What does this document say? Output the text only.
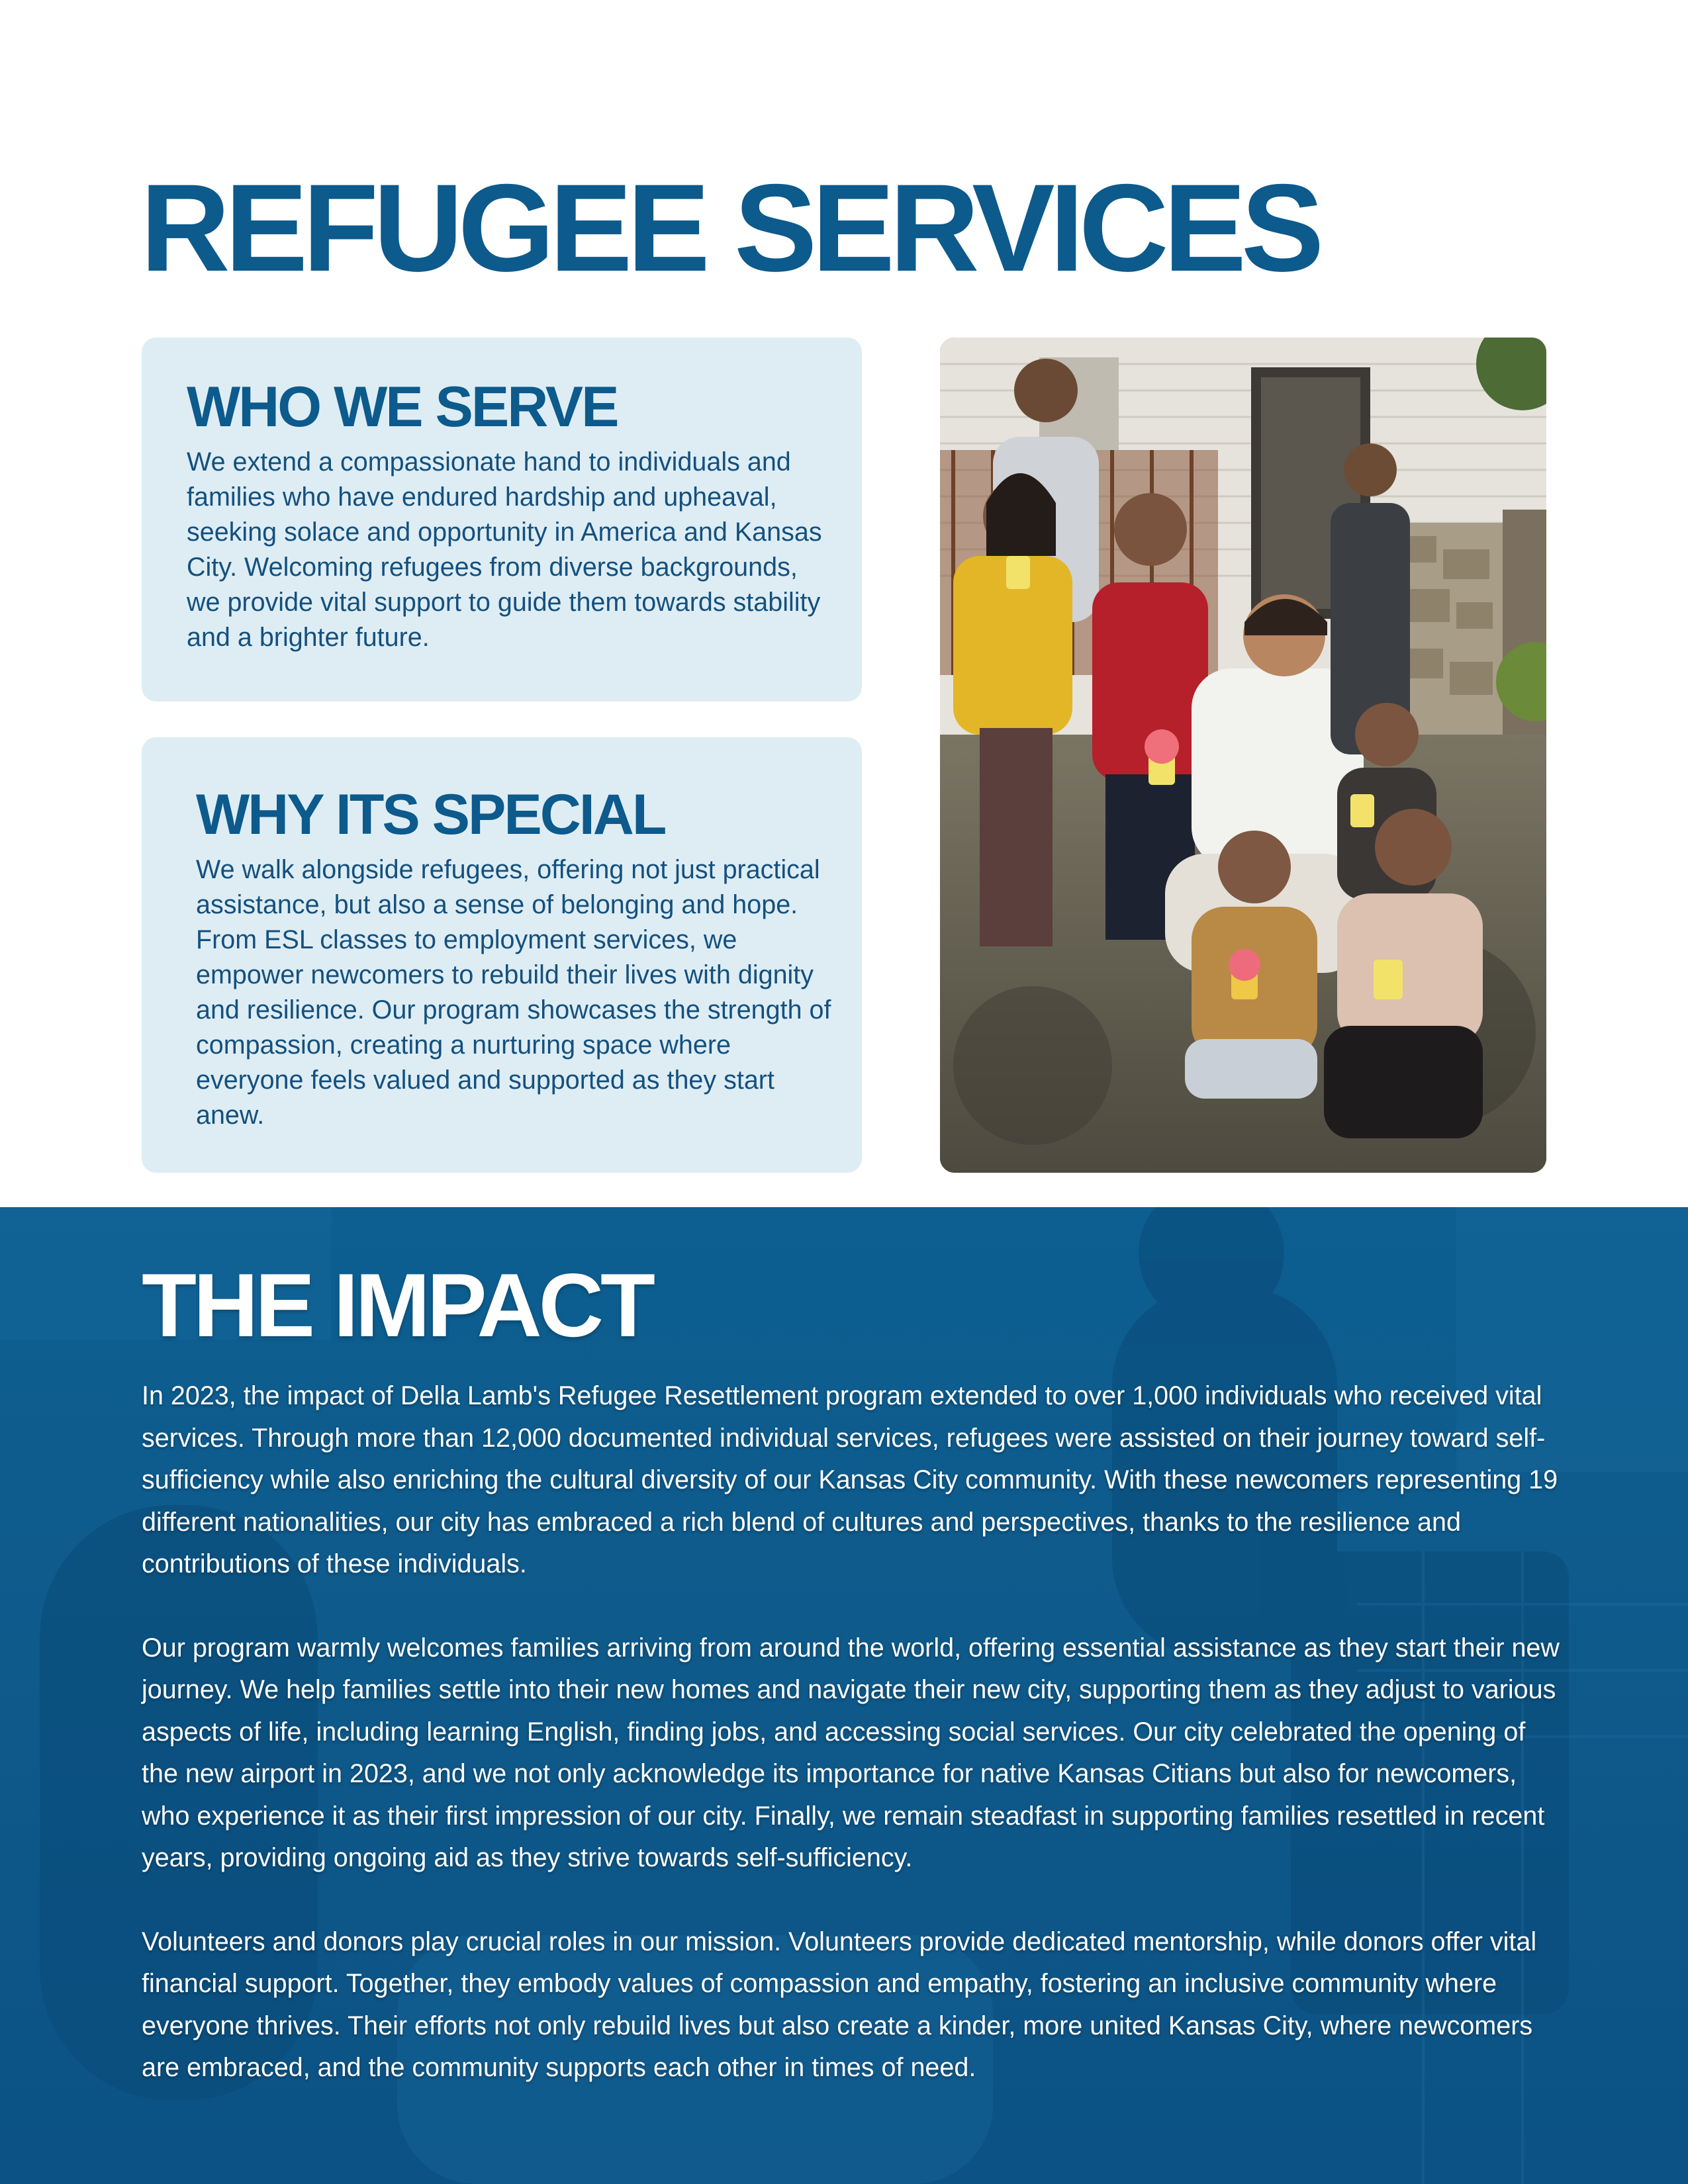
REFUGEE SERVICES
WHO WE SERVE

We extend a compassionate hand to individuals and families who have endured hardship and upheaval, seeking solace and opportunity in America and Kansas City. Welcoming refugees from diverse backgrounds, we provide vital support to guide them towards stability and a brighter future.

WHY ITS SPECIAL

We walk alongside refugees, offering not just practical assistance, but also a sense of belonging and hope. From ESL classes to employment services, we empower newcomers to rebuild their lives with dignity and resilience. Our program showcases the strength of compassion, creating a nurturing space where everyone feels valued and supported as they start anew.

THE IMPACT

In 2023, the impact of Della Lamb's Refugee Resettlement program extended to over 1,000 individuals who received vital services. Through more than 12,000 documented individual services, refugees were assisted on their journey toward self-sufficiency while also enriching the cultural diversity of our Kansas City community. With these newcomers representing 19 different nationalities, our city has embraced a rich blend of cultures and perspectives, thanks to the resilience and contributions of these individuals.

Our program warmly welcomes families arriving from around the world, offering essential assistance as they start their new journey. We help families settle into their new homes and navigate their new city, supporting them as they adjust to various aspects of life, including learning English, finding jobs, and accessing social services. Our city celebrated the opening of the new airport in 2023, and we not only acknowledge its importance for native Kansas Citians but also for newcomers, who experience it as their first impression of our city. Finally, we remain steadfast in supporting families resettled in recent years, providing ongoing aid as they strive towards self-sufficiency.

Volunteers and donors play crucial roles in our mission. Volunteers provide dedicated mentorship, while donors offer vital financial support. Together, they embody values of compassion and empathy, fostering an inclusive community where everyone thrives. Their efforts not only rebuild lives but also create a kinder, more united Kansas City, where newcomers are embraced, and the community supports each other in times of need.
